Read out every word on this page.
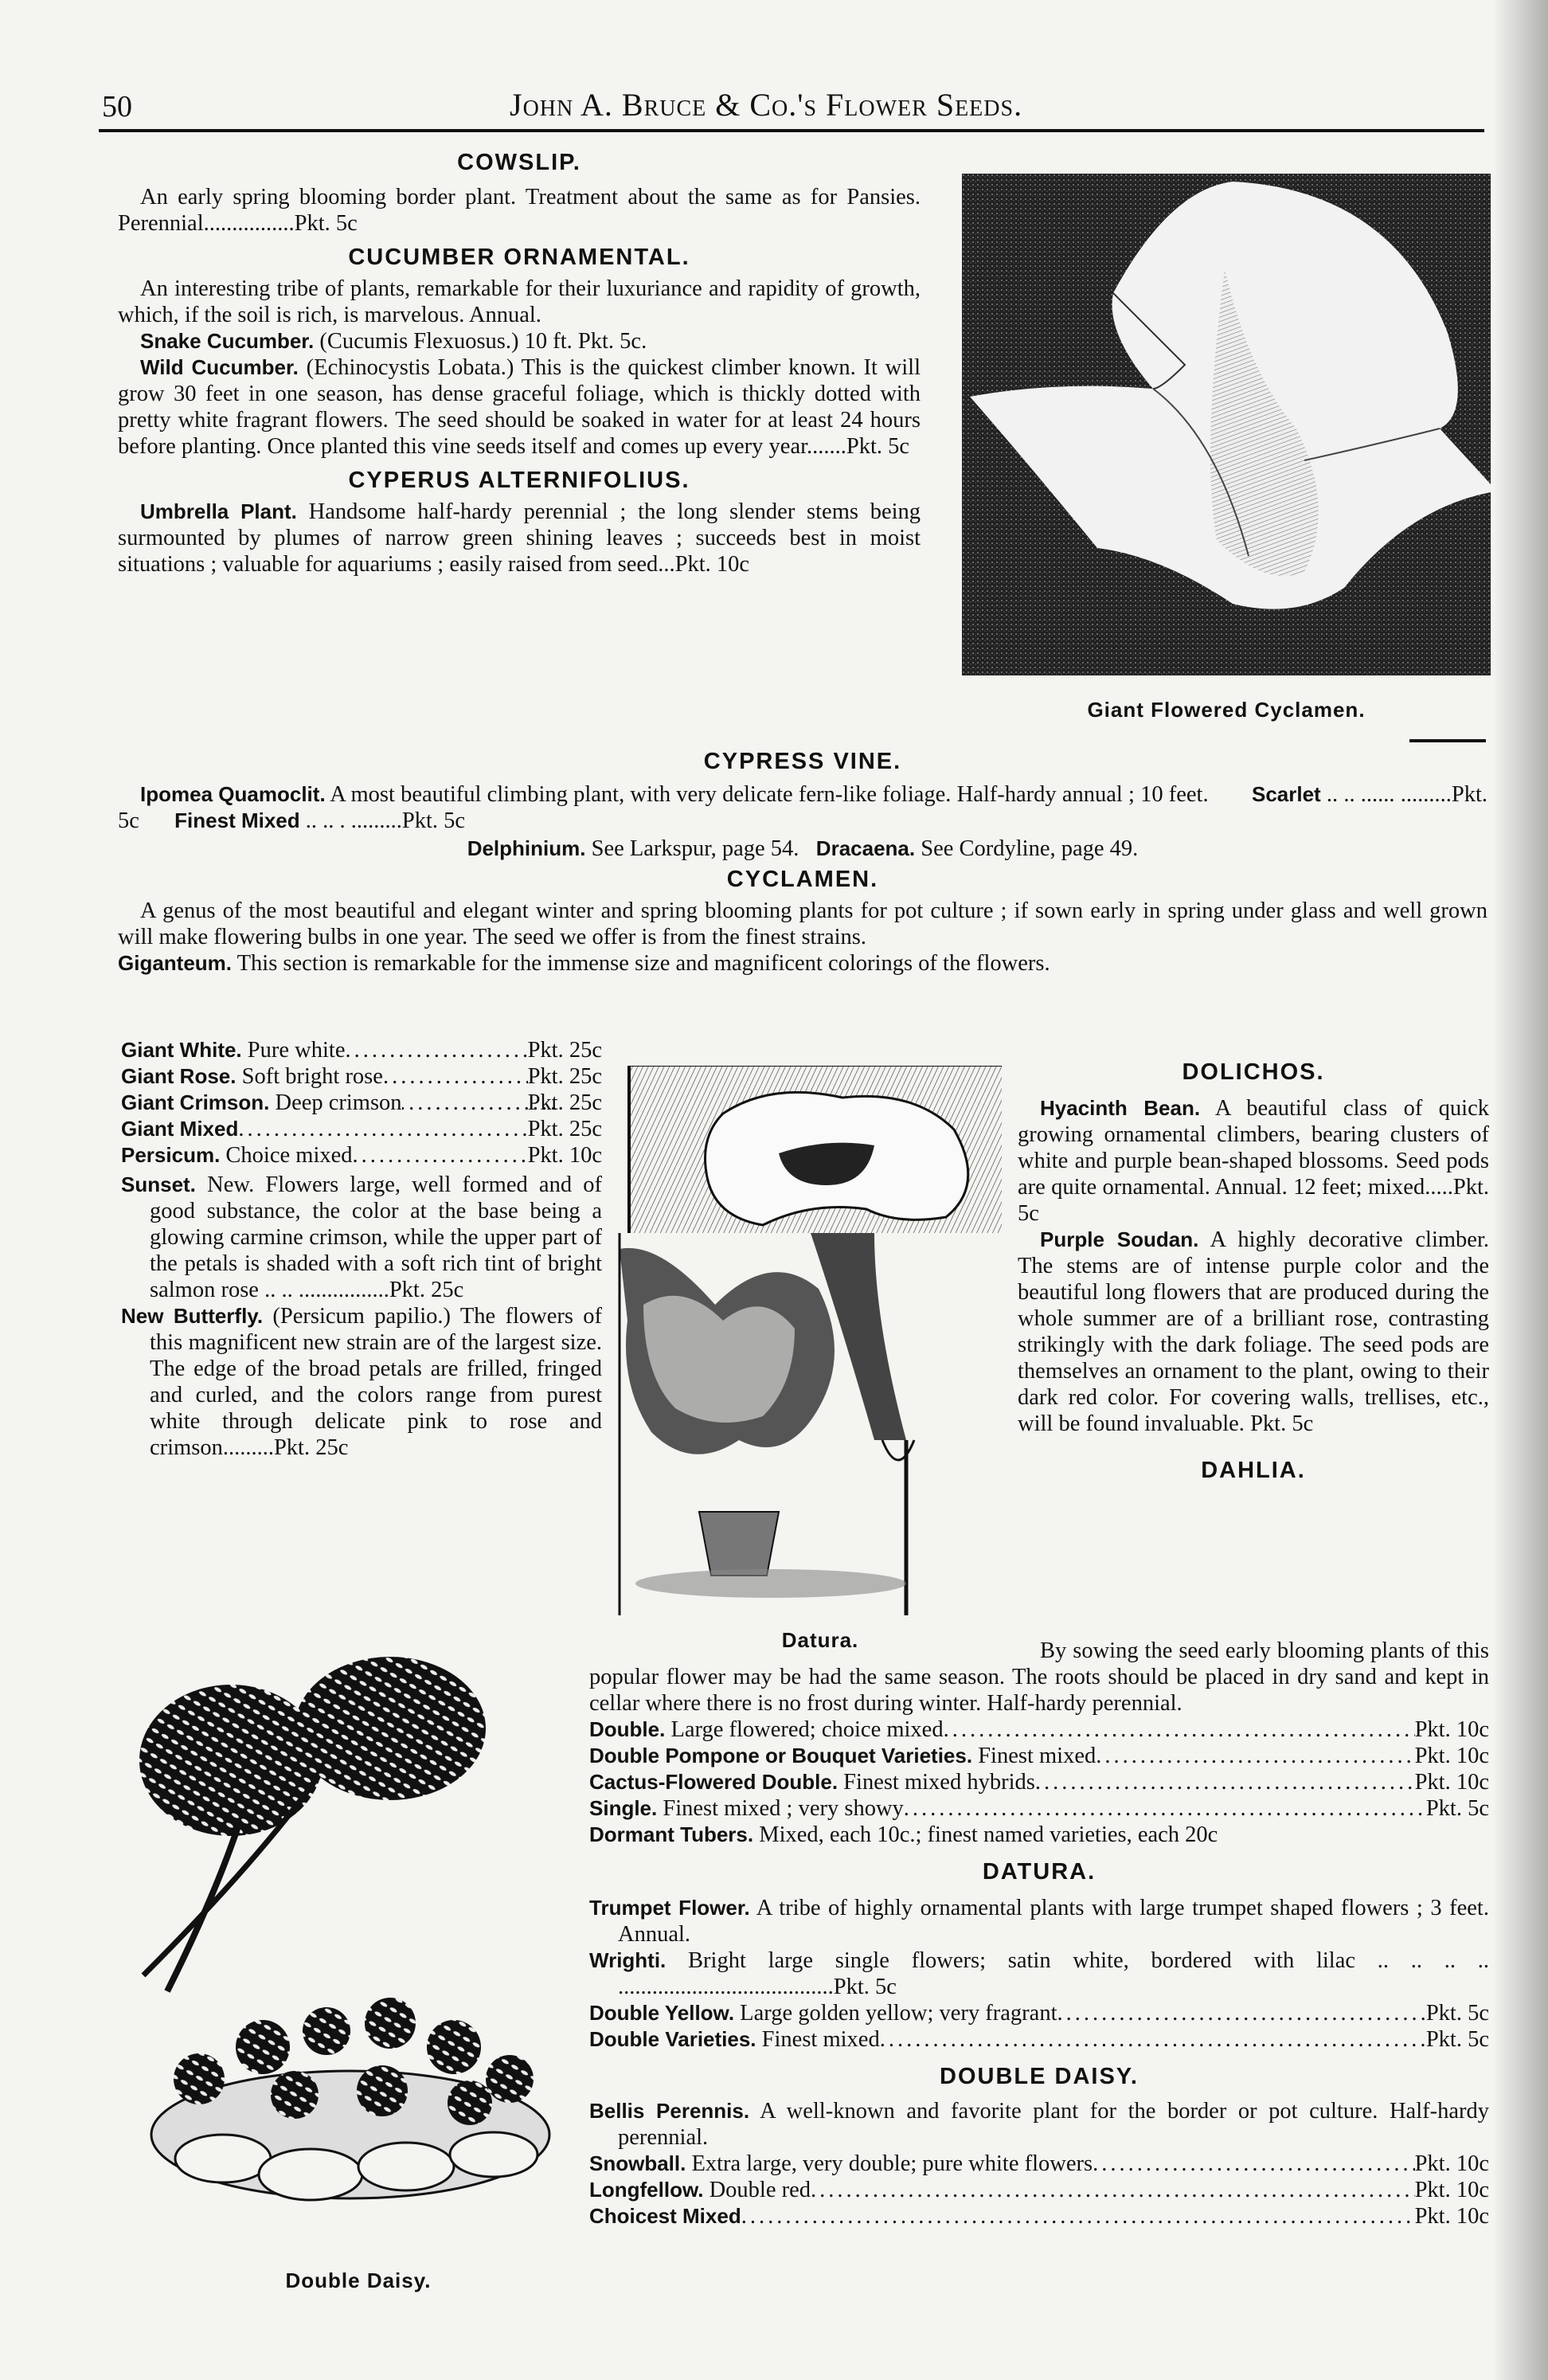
50	John A. Bruce & Co.'s Flower Seeds.
COWSLIP.
An early spring blooming border plant. Treatment about the same as for Pansies. Perennial................Pkt. 5c
CUCUMBER ORNAMENTAL.
An interesting tribe of plants, remarkable for their luxuriance and rapidity of growth, which, if the soil is rich, is marvelous. Annual.
Snake Cucumber. (Cucumis Flexuosus.) 10 ft. Pkt. 5c.
Wild Cucumber. (Echinocystis Lobata.) This is the quickest climber known. It will grow 30 feet in one season, has dense graceful foliage, which is thickly dotted with pretty white fragrant flowers. The seed should be soaked in water for at least 24 hours before planting. Once planted this vine seeds itself and comes up every year.......Pkt. 5c
CYPERUS ALTERNIFOLIUS.
Umbrella Plant. Handsome half-hardy perennial ; the long slender stems being surmounted by plumes of narrow green shining leaves ; succeeds best in moist situations ; valuable for aquariums ; easily raised from seed...Pkt. 10c
Giant Flowered Cyclamen.
CYPRESS VINE.
Ipomea Quamoclit. A most beautiful climbing plant, with very delicate fern-like foliage. Half-hardy annual ; 10 feet. Scarlet .. .. ...... .........Pkt. 5c Finest Mixed .. .. . .........Pkt. 5c
Delphinium. See Larkspur, page 54. Dracaena. See Cordyline, page 49.
CYCLAMEN.
A genus of the most beautiful and elegant winter and spring blooming plants for pot culture ; if sown early in spring under glass and well grown will make flowering bulbs in one year. The seed we offer is from the finest strains.
Giganteum. This section is remarkable for the immense size and magnificent colorings of the flowers.
Giant White. Pure white .....	Pkt. 25c
Giant Rose. Soft bright rose .....	Pkt. 25c
Giant Crimson. Deep crimson .....	Pkt. 25c
Giant Mixed .....	Pkt. 25c
Persicum. Choice mixed .....	Pkt. 10c
Sunset. New. Flowers large, well formed and of good substance, the color at the base being a glowing carmine crimson, while the upper part of the petals is shaded with a soft rich tint of bright salmon rose .. .. ................Pkt. 25c
New Butterfly. (Persicum papilio.) The flowers of this magnificent new strain are of the largest size. The edge of the broad petals are frilled, fringed and curled, and the colors range from purest white through delicate pink to rose and crimson.........Pkt. 25c
Datura.
DOLICHOS.
Hyacinth Bean. A beautiful class of quick growing ornamental climbers, bearing clusters of white and purple bean-shaped blossoms. Seed pods are quite ornamental. Annual. 12 feet; mixed.....Pkt. 5c
Purple Soudan. A highly decorative climber. The stems are of intense purple color and the beautiful long flowers that are produced during the whole summer are of a brilliant rose, contrasting strikingly with the dark foliage. The seed pods are themselves an ornament to the plant, owing to their dark red color. For covering walls, trellises, etc., will be found invaluable. Pkt. 5c
DAHLIA.
By sowing the seed early blooming plants of this popular flower may be had the same season. The roots should be placed in dry sand and kept in cellar where there is no frost during winter. Half-hardy perennial.
Double. Large flowered; choice mixed .....	Pkt. 10c
Double Pompone or Bouquet Varieties. Finest mixed .....	Pkt. 10c
Cactus-Flowered Double. Finest mixed hybrids .....	Pkt. 10c
Single. Finest mixed ; very showy .....	Pkt. 5c
Dormant Tubers. Mixed, each 10c.; finest named varieties, each 20c
DATURA.
Trumpet Flower. A tribe of highly ornamental plants with large trumpet shaped flowers ; 3 feet. Annual.
Wrighti. Bright large single flowers; satin white, bordered with lilac .. .. .. .. ......................................Pkt. 5c
Double Yellow. Large golden yellow; very fragrant .....	Pkt. 5c
Double Varieties. Finest mixed .....	Pkt. 5c
DOUBLE DAISY.
Bellis Perennis. A well-known and favorite plant for the border or pot culture. Half-hardy perennial.
Snowball. Extra large, very double; pure white flowers .....	Pkt. 10c
Longfellow. Double red .....	Pkt. 10c
Choicest Mixed .....	Pkt. 10c
Double Daisy.
